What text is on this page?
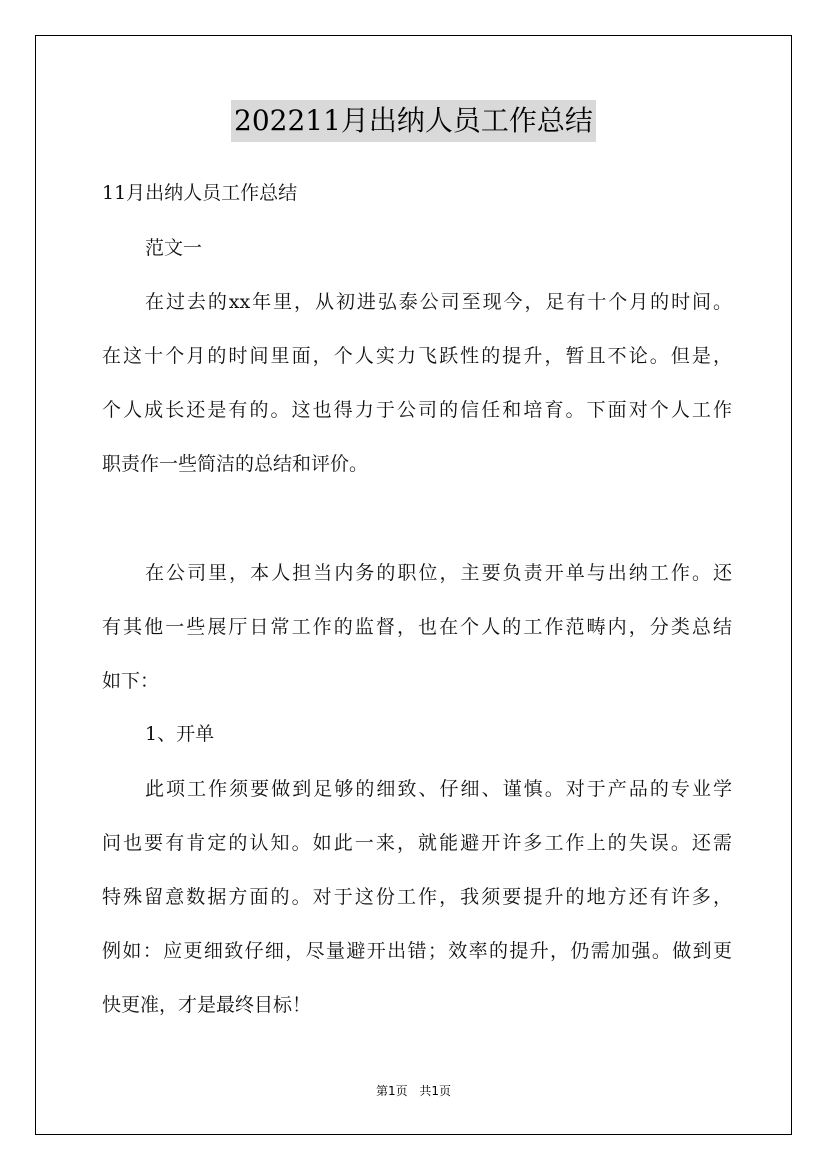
202211月出纳人员工作总结

11月出纳人员工作总结

范文一

在过去的xx年里，从初进弘泰公司至现今，足有十个月的时间。

在这十个月的时间里面，个人实力飞跃性的提升，暂且不论。但是，

个人成长还是有的。这也得力于公司的信任和培育。下面对个人工作

职责作一些简洁的总结和评价。

在公司里，本人担当内务的职位，主要负责开单与出纳工作。还

有其他一些展厅日常工作的监督，也在个人的工作范畴内，分类总结

如下：

1、开单

此项工作须要做到足够的细致、仔细、谨慎。对于产品的专业学

问也要有肯定的认知。如此一来，就能避开许多工作上的失误。还需

特殊留意数据方面的。对于这份工作，我须要提升的地方还有许多，

例如：应更细致仔细，尽量避开出错；效率的提升，仍需加强。做到更

快更准，才是最终目标！

第1页 共1页
